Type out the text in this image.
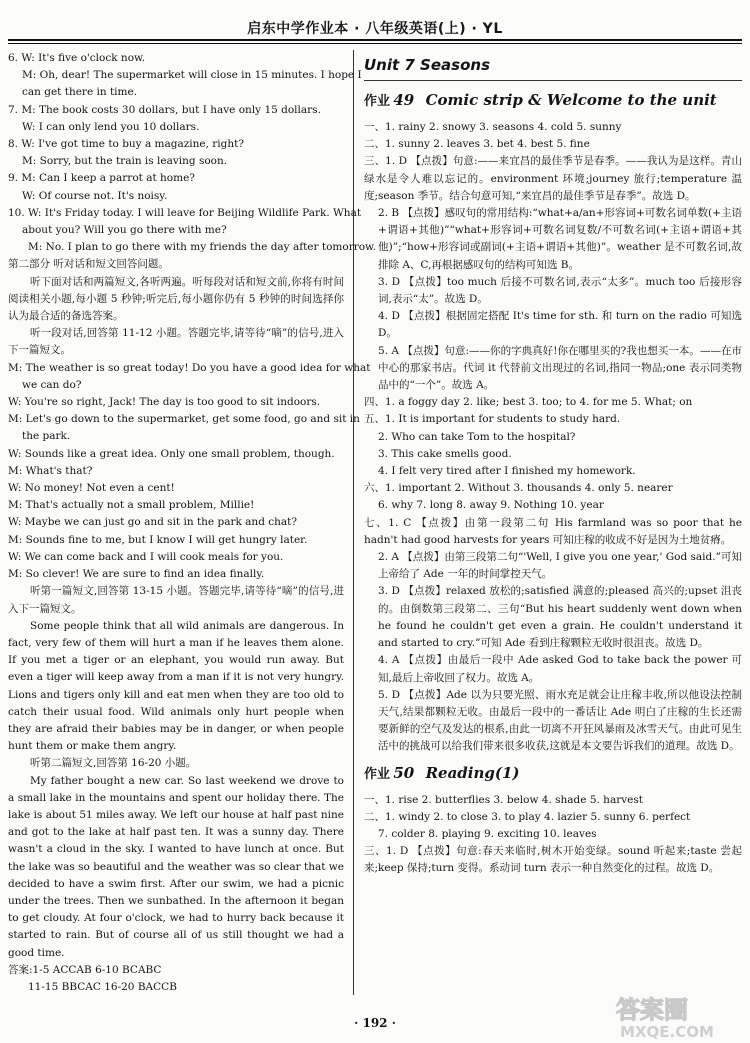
启东中学作业本 · 八年级英语(上) · YL
6. W: It's five o'clock now.
M: Oh, dear! The supermarket will close in 15 minutes. I hope I
can get there in time.
7. M: The book costs 30 dollars, but I have only 15 dollars.
W: I can only lend you 10 dollars.
8. W: I've got time to buy a magazine, right?
M: Sorry, but the train is leaving soon.
9. M: Can I keep a parrot at home?
W: Of course not. It's noisy.
10. W: It's Friday today. I will leave for Beijing Wildlife Park. What
about you? Will you go there with me?
M: No. I plan to go there with my friends the day after tomorrow.
第二部分 听对话和短文回答问题。
听下面对话和两篇短文,各听两遍。听每段对话和短文前,你将有时间阅读相关小题,每小题 5 秒钟;听完后,每小题你仍有 5 秒钟的时间选择你认为最合适的备选答案。
听一段对话,回答第 11-12 小题。答题完毕,请等待“嘀”的信号,进入下一篇短文。
M: The weather is so great today! Do you have a good idea for what
we can do?
W: You're so right, Jack! The day is too good to sit indoors.
M: Let's go down to the supermarket, get some food, go and sit in
the park.
W: Sounds like a great idea. Only one small problem, though.
M: What's that?
W: No money! Not even a cent!
M: That's actually not a small problem, Millie!
W: Maybe we can just go and sit in the park and chat?
M: Sounds fine to me, but I know I will get hungry later.
W: We can come back and I will cook meals for you.
M: So clever! We are sure to find an idea finally.
听第一篇短文,回答第 13-15 小题。答题完毕,请等待“嘀”的信号,进入下一篇短文。
Some people think that all wild animals are dangerous. In fact, very few of them will hurt a man if he leaves them alone. If you met a tiger or an elephant, you would run away. But even a tiger will keep away from a man if it is not very hungry. Lions and tigers only kill and eat men when they are too old to catch their usual food. Wild animals only hurt people when they are afraid their babies may be in danger, or when people hunt them or make them angry.
听第二篇短文,回答第 16-20 小题。
My father bought a new car. So last weekend we drove to a small lake in the mountains and spent our holiday there. The lake is about 51 miles away. We left our house at half past nine and got to the lake at half past ten. It was a sunny day. There wasn't a cloud in the sky. I wanted to have lunch at once. But the lake was so beautiful and the weather was so clear that we decided to have a swim first. After our swim, we had a picnic under the trees. Then we sunbathed. In the afternoon it began to get cloudy. At four o'clock, we had to hurry back because it started to rain. But of course all of us still thought we had a good time.
答案:1-5 ACCAB 6-10 BCABC
11-15 BBCAC 16-20 BACCB
Unit 7 Seasons
作业 49 Comic strip & Welcome to the unit
一、1. rainy 2. snowy 3. seasons 4. cold 5. sunny
二、1. sunny 2. leaves 3. bet 4. best 5. fine
三、1. D 【点拨】句意:——来宜昌的最佳季节是春季。——我认为是这样。青山绿水是令人难以忘记的。environment 环境;journey 旅行;temperature 温度;season 季节。结合句意可知,“来宜昌的最佳季节是春季”。故选 D。
2. B 【点拨】感叹句的常用结构:“what+a/an+形容词+可数名词单数(+主语+谓语+其他)”“what+形容词+可数名词复数/不可数名词(+主语+谓语+其他)”;“how+形容词或副词(+主语+谓语+其他)”。weather 是不可数名词,故排除 A、C,再根据感叹句的结构可知选 B。
3. D 【点拨】too much 后接不可数名词,表示“太多”。much too 后接形容词,表示“太”。故选 D。
4. D 【点拨】根据固定搭配 It's time for sth. 和 turn on the radio 可知选 D。
5. A 【点拨】句意:——你的字典真好!你在哪里买的?我也想买一本。——在市中心的那家书店。代词 it 代替前文出现过的名词,指同一物品;one 表示同类物品中的“一个”。故选 A。
四、1. a foggy day 2. like; best 3. too; to 4. for me 5. What; on
五、1. It is important for students to study hard.
2. Who can take Tom to the hospital?
3. This cake smells good.
4. I felt very tired after I finished my homework.
六、1. important 2. Without 3. thousands 4. only 5. nearer
6. why 7. long 8. away 9. Nothing 10. year
七、1. C 【点拨】由第一段第二句 His farmland was so poor that he hadn't had good harvests for years 可知庄稼的收成不好是因为土地贫瘠。
2. A 【点拨】由第三段第二句“'Well, I give you one year,' God said.”可知上帝给了 Ade 一年的时间掌控天气。
3. D 【点拨】relaxed 放松的;satisfied 满意的;pleased 高兴的;upset 沮丧的。由倒数第三段第二、三句“But his heart suddenly went down when he found he couldn't get even a grain. He couldn't understand it and started to cry.”可知 Ade 看到庄稼颗粒无收时很沮丧。故选 D。
4. A 【点拨】由最后一段中 Ade asked God to take back the power 可知,最后上帝收回了权力。故选 A。
5. D 【点拨】Ade 以为只要光照、雨水充足就会让庄稼丰收,所以他设法控制天气,结果都颗粒无收。由最后一段中的一番话让 Ade 明白了庄稼的生长还需要新鲜的空气及发达的根系,由此一切离不开狂风暴雨及冰雪天气。由此可见生活中的挑战可以给我们带来很多收获,这就是本文要告诉我们的道理。故选 D。
作业 50 Reading(1)
一、1. rise 2. butterflies 3. below 4. shade 5. harvest
二、1. windy 2. to close 3. to play 4. lazier 5. sunny 6. perfect
7. colder 8. playing 9. exciting 10. leaves
三、1. D 【点拨】句意:春天来临时,树木开始变绿。sound 听起来;taste 尝起来;keep 保持;turn 变得。系动词 turn 表示一种自然变化的过程。故选 D。
· 192 ·	答案圈
MXQE.COM
